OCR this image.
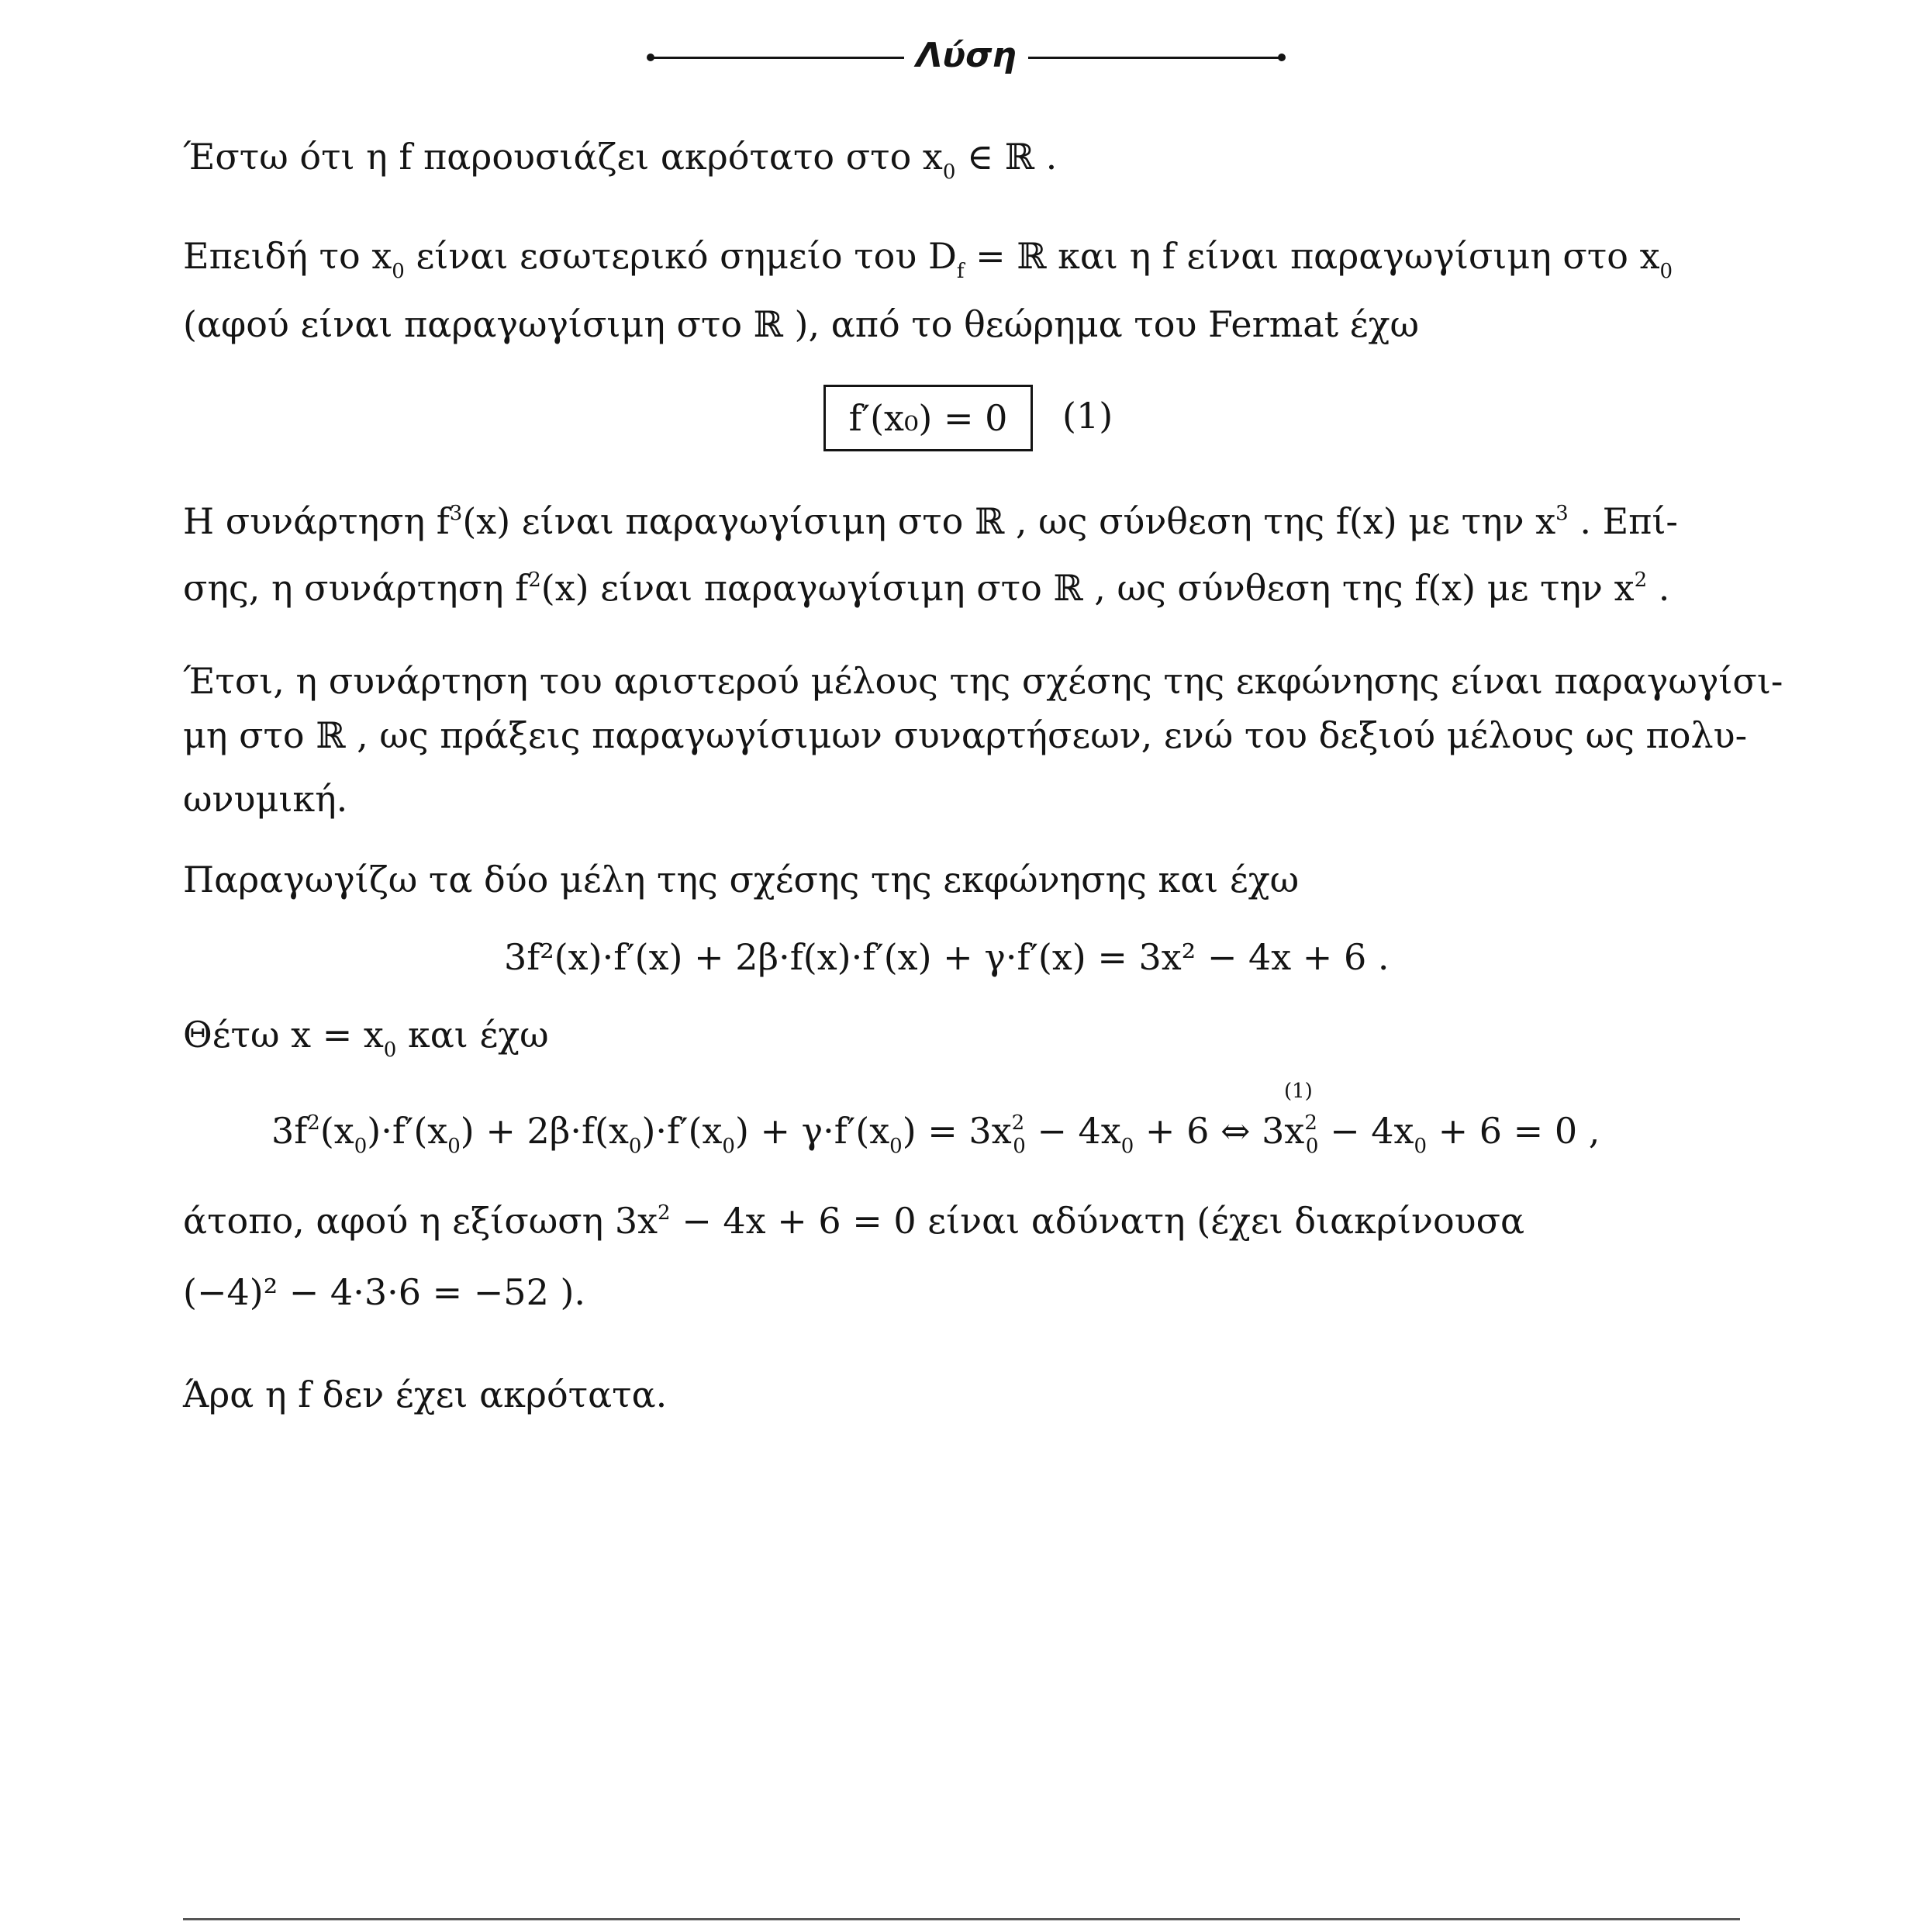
Λύση
Έστω ότι η f παρουσιάζει ακρότατο στο $x_0$ ∈ ℝ .
Επειδή το $x_0$ είναι εσωτερικό σημείο του $D_f$ = ℝ και η f είναι παραγωγίσιμη στο $x_0$
(αφού είναι παραγωγίσιμη στο ℝ ), από το θεώρημα του Fermat έχω
f′(x₀) = 0	(1)
Η συνάρτηση $f^3(x)$ είναι παραγωγίσιμη στο ℝ , ως σύνθεση της f(x) με την $x^3$ . Επί-
σης, η συνάρτηση $f^2(x)$ είναι παραγωγίσιμη στο ℝ , ως σύνθεση της f(x) με την $x^2$ .
Έτσι, η συνάρτηση του αριστερού μέλους της σχέσης της εκφώνησης είναι παραγωγίσι-
μη στο ℝ , ως πράξεις παραγωγίσιμων συναρτήσεων, ενώ του δεξιού μέλους ως πολυ-
ωνυμική.
Παραγωγίζω τα δύο μέλη της σχέσης της εκφώνησης και έχω
3f²(x)·f′(x) + 2β·f(x)·f′(x) + γ·f′(x) = 3x² − 4x + 6 .
Θέτω $x = x_0$ και έχω
(1)
$3f^2(x_0)\cdot f'(x_0) + 2\beta\cdot f(x_0)\cdot f'(x_0) + \gamma\cdot f'(x_0) = 3x^2_0 - 4x_0 + 6$ ⇔ $3x^2_0 - 4x_0 + 6 = 0$ ,
άτοπο, αφού η εξίσωση $3x^2 - 4x + 6 = 0$ είναι αδύνατη (έχει διακρίνουσα
(−4)² − 4·3·6 = −52 ).
Άρα η f δεν έχει ακρότατα.
